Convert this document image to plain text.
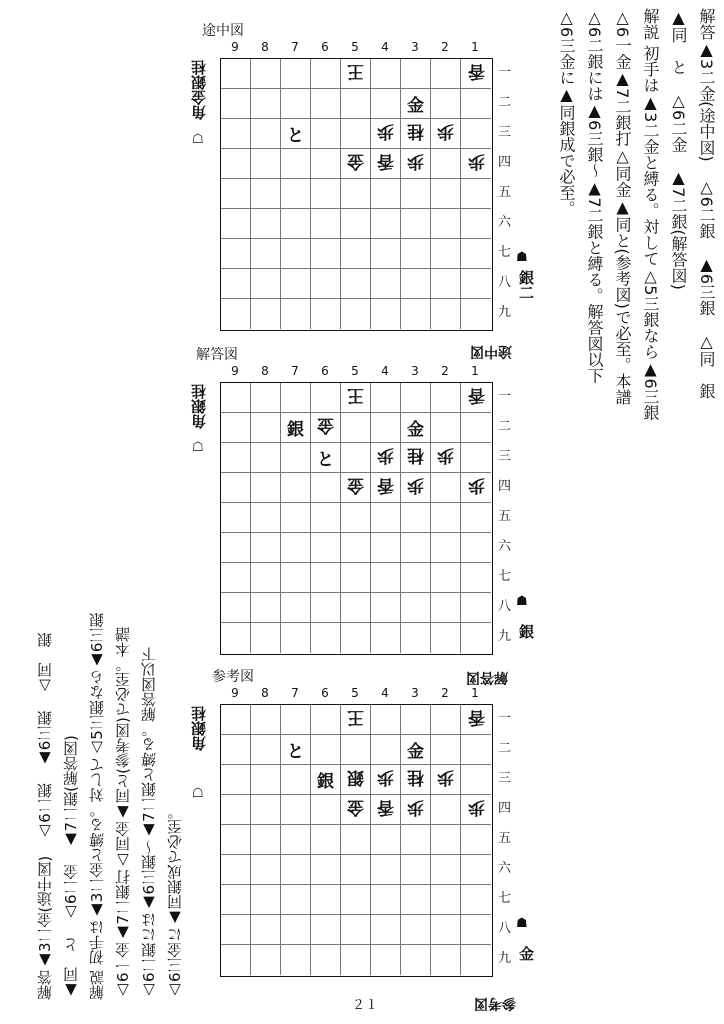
解答▲3二金(途中図)　△6二銀　▲6三銀　△同　銀
▲同　と　△6二金　▲7二銀(解答図)
解説 初手は▲3二金と縛る。対して△5三銀なら▲6三銀
△6一金▲7二銀打△同金▲同と(参考図)で必至。本譜
△6二銀には▲6三銀～▲7二銀と縛る。解答図以下
△6三金に▲同銀成で必至。
途中図
9	8	7	6	5	4	3	2	1
王	香
金
と	歩 桂 歩
金 香 歩	歩
一
二
三
四
五
六
七
八
九
角金銀桂
☖
☗
銀二
解答図
9	8	7	6	5	4	3	2	1
王	香
銀 金	金
と	歩 桂 歩
金 香 歩	歩
一
二
三
四
五
六
七
八
九
角銀桂
☖
☗
銀
参考図
9	8	7	6	5	4	3	2	1
王	香
と	金
銀 銀 歩 桂 歩
金 香 歩	歩
一
二
三
四
五
六
七
八
九
角銀桂
☖
☗
金
途中図
解答図
参考図
△6三金に▲同銀成で必至。
△6二銀には▲6三銀～▲7二銀と縛る。解答図以下
△6一金▲7二銀打△同金▲同と(参考図)で必至。本譜
解説 初手は▲3二金と縛る。対して△5三銀なら▲6三銀
▲同　と　△6二金　▲7二銀(解答図)
解答▲3二金(途中図)　△6二銀　▲6三銀　△同　銀
２１
